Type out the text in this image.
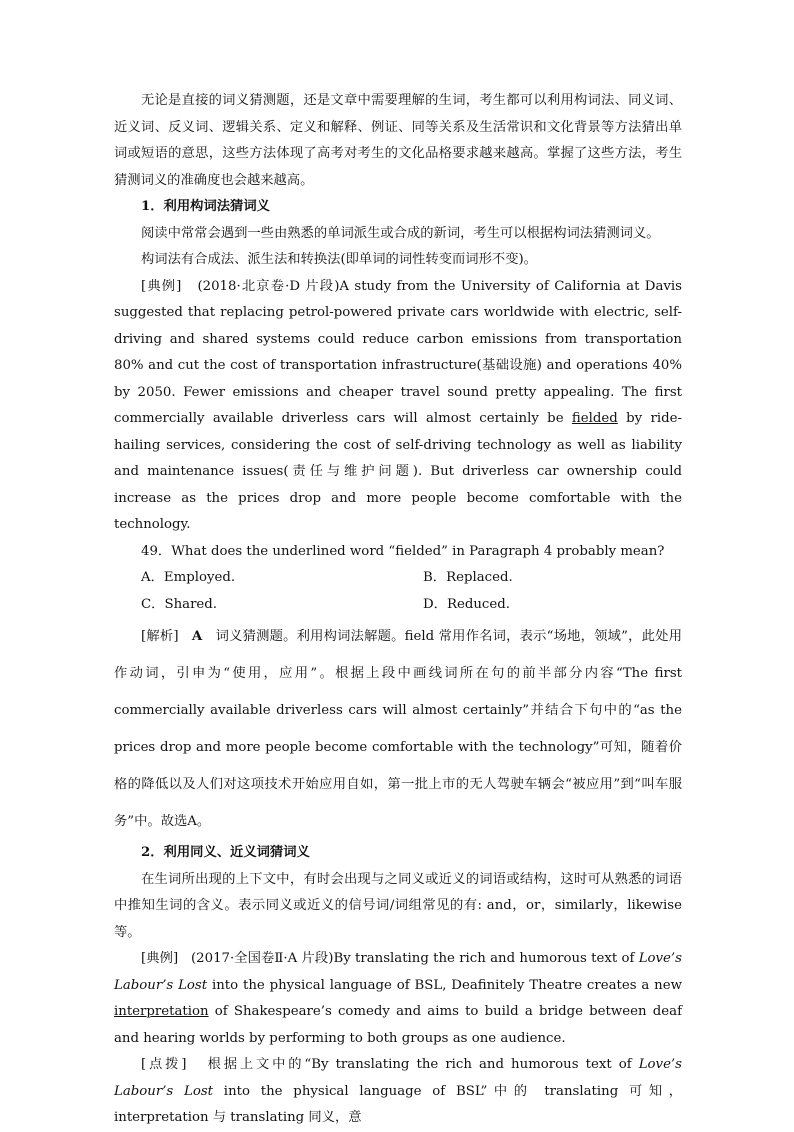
无论是直接的词义猜测题，还是文章中需要理解的生词，考生都可以利用构词法、同义词、近义词、反义词、逻辑关系、定义和解释、例证、同等关系及生活常识和文化背景等方法猜出单词或短语的意思，这些方法体现了高考对考生的文化品格要求越来越高。掌握了这些方法，考生猜测词义的准确度也会越来越高。

1．利用构词法猜词义

阅读中常常会遇到一些由熟悉的单词派生或合成的新词，考生可以根据构词法猜测词义。

构词法有合成法、派生法和转换法(即单词的词性转变而词形不变)。

[典例] (2018·北京卷·D 片段)A study from the University of California at Davis suggested that replacing petrol-powered private cars worldwide with electric, self-driving and shared systems could reduce carbon emissions from transportation 80% and cut the cost of transportation infrastructure(基础设施) and operations 40% by 2050. Fewer emissions and cheaper travel sound pretty appealing. The first commercially available driverless cars will almost certainly be fielded by ride-hailing services, considering the cost of self-driving technology as well as liability and maintenance issues(责任与维护问题). But driverless car ownership could increase as the prices drop and more people become comfortable with the technology.

49．What does the underlined word “fielded” in Paragraph 4 probably mean?

A．Employed.	B．Replaced.
C．Shared.	D．Reduced.

[解析] A 词义猜测题。利用构词法解题。field 常用作名词，表示“场地，领域”，此处用作动词，引申为“使用，应用”。根据上段中画线词所在句的前半部分内容“The first commercially available driverless cars will almost certainly”并结合下句中的“as the prices drop and more people become comfortable with the technology”可知，随着价格的降低以及人们对这项技术开始应用自如，第一批上市的无人驾驶车辆会“被应用”到“叫车服务”中。故选A。

2．利用同义、近义词猜词义

在生词所出现的上下文中，有时会出现与之同义或近义的词语或结构，这时可从熟悉的词语中推知生词的含义。表示同义或近义的信号词/词组常见的有: and，or，similarly，likewise 等。

[典例] (2017·全国卷Ⅱ·A 片段)By translating the rich and humorous text of Love’s Labour’s Lost into the physical language of BSL, Deafinitely Theatre creates a new interpretation of Shakespeare’s comedy and aims to build a bridge between deaf and hearing worlds by performing to both groups as one audience.

[点拨] 根据上文中的“By translating the rich and humorous text of Love’s Labour’s Lost into the physical language of BSL”中的 translating 可知，interpretation 与 translating 同义，意
